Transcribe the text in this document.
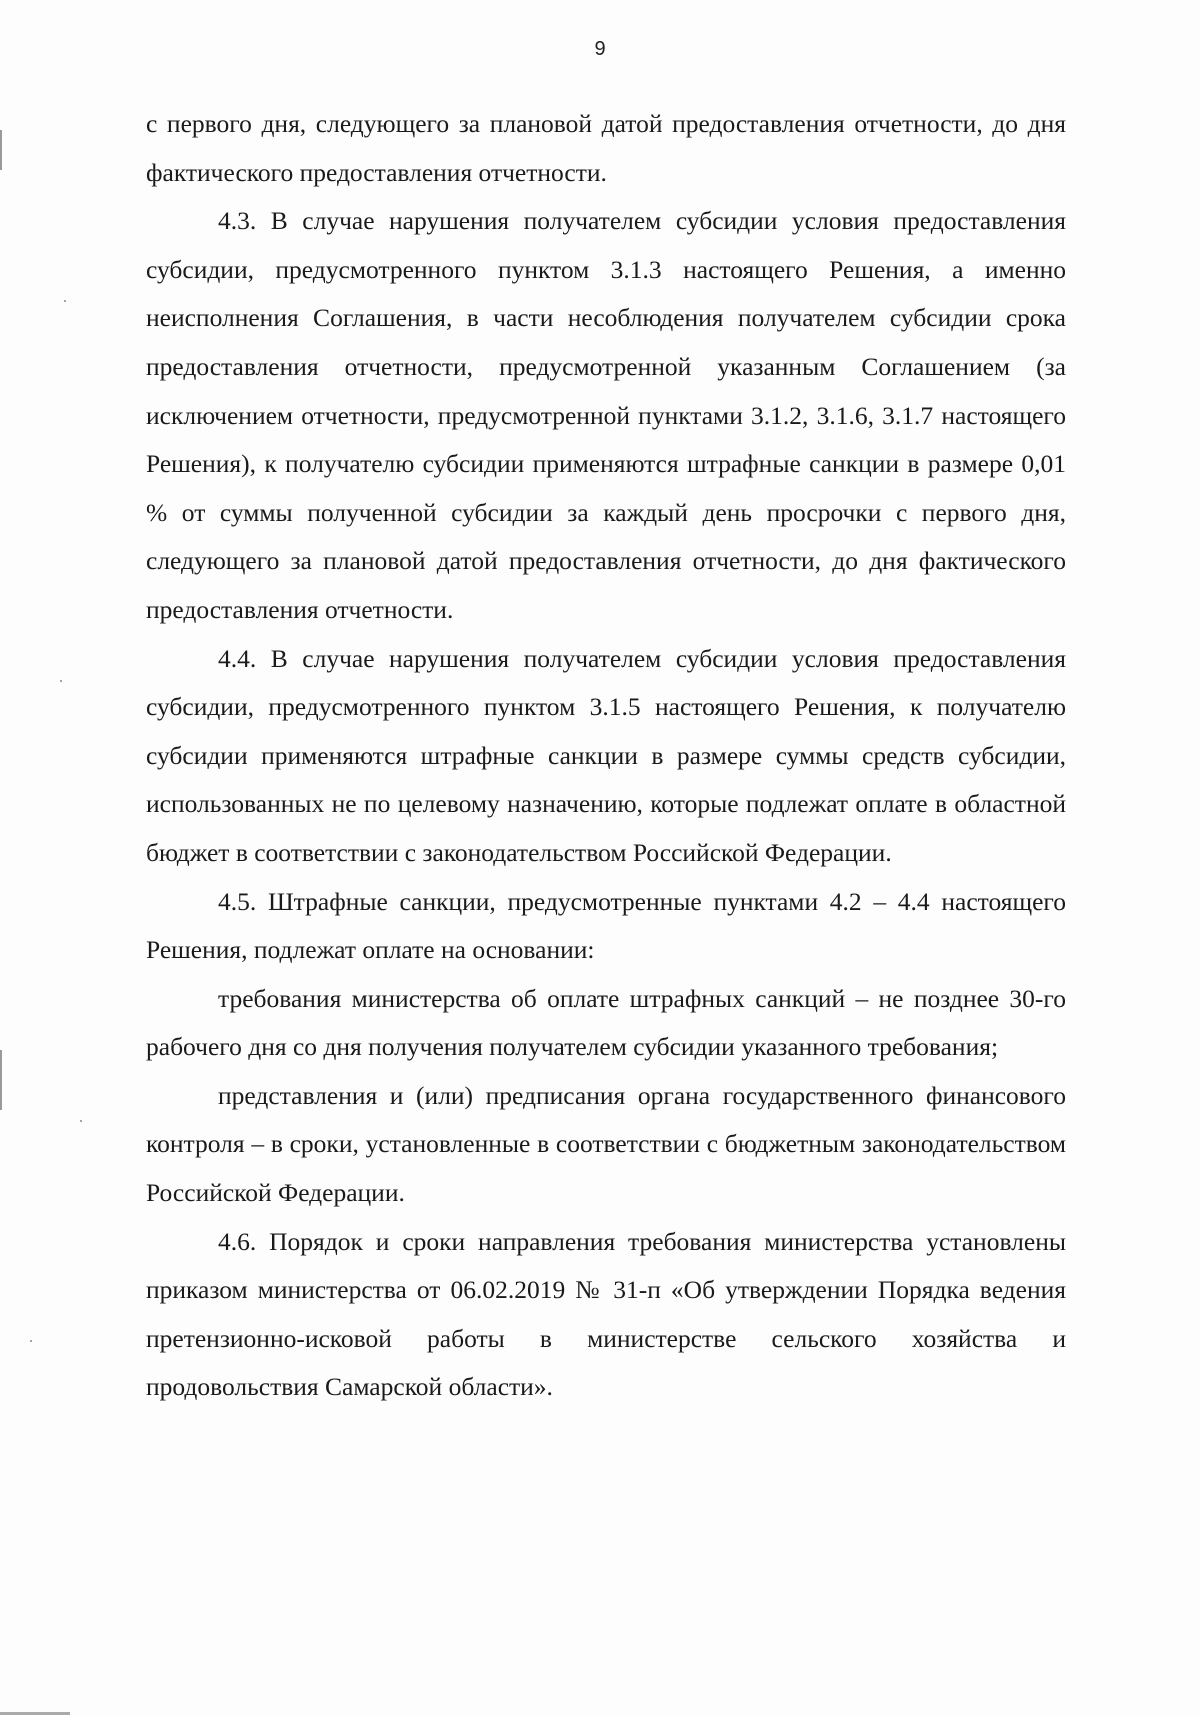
9

с первого дня, следующего за плановой датой предоставления отчетности, до дня фактического предоставления отчетности.

4.3. В случае нарушения получателем субсидии условия предоставления субсидии, предусмотренного пунктом 3.1.3 настоящего Решения, а именно неисполнения Соглашения, в части несоблюдения получателем субсидии срока предоставления отчетности, предусмотренной указанным Соглашением (за исключением отчетности, предусмотренной пунктами 3.1.2, 3.1.6, 3.1.7 настоящего Решения), к получателю субсидии применяются штрафные санкции в размере 0,01 % от суммы полученной субсидии за каждый день просрочки с первого дня, следующего за плановой датой предоставления отчетности, до дня фактического предоставления отчетности.

4.4. В случае нарушения получателем субсидии условия предоставления субсидии, предусмотренного пунктом 3.1.5 настоящего Решения, к получателю субсидии применяются штрафные санкции в размере суммы средств субсидии, использованных не по целевому назначению, которые подлежат оплате в областной бюджет в соответствии с законодательством Российской Федерации.

4.5. Штрафные санкции, предусмотренные пунктами 4.2 – 4.4 настоящего Решения, подлежат оплате на основании:

требования министерства об оплате штрафных санкций – не позднее 30-го рабочего дня со дня получения получателем субсидии указанного требования;

представления и (или) предписания органа государственного финансового контроля – в сроки, установленные в соответствии с бюджетным законодательством Российской Федерации.

4.6. Порядок и сроки направления требования министерства установлены приказом министерства от 06.02.2019 № 31-п «Об утверждении Порядка ведения претензионно-исковой работы в министерстве сельского хозяйства и продовольствия Самарской области».
